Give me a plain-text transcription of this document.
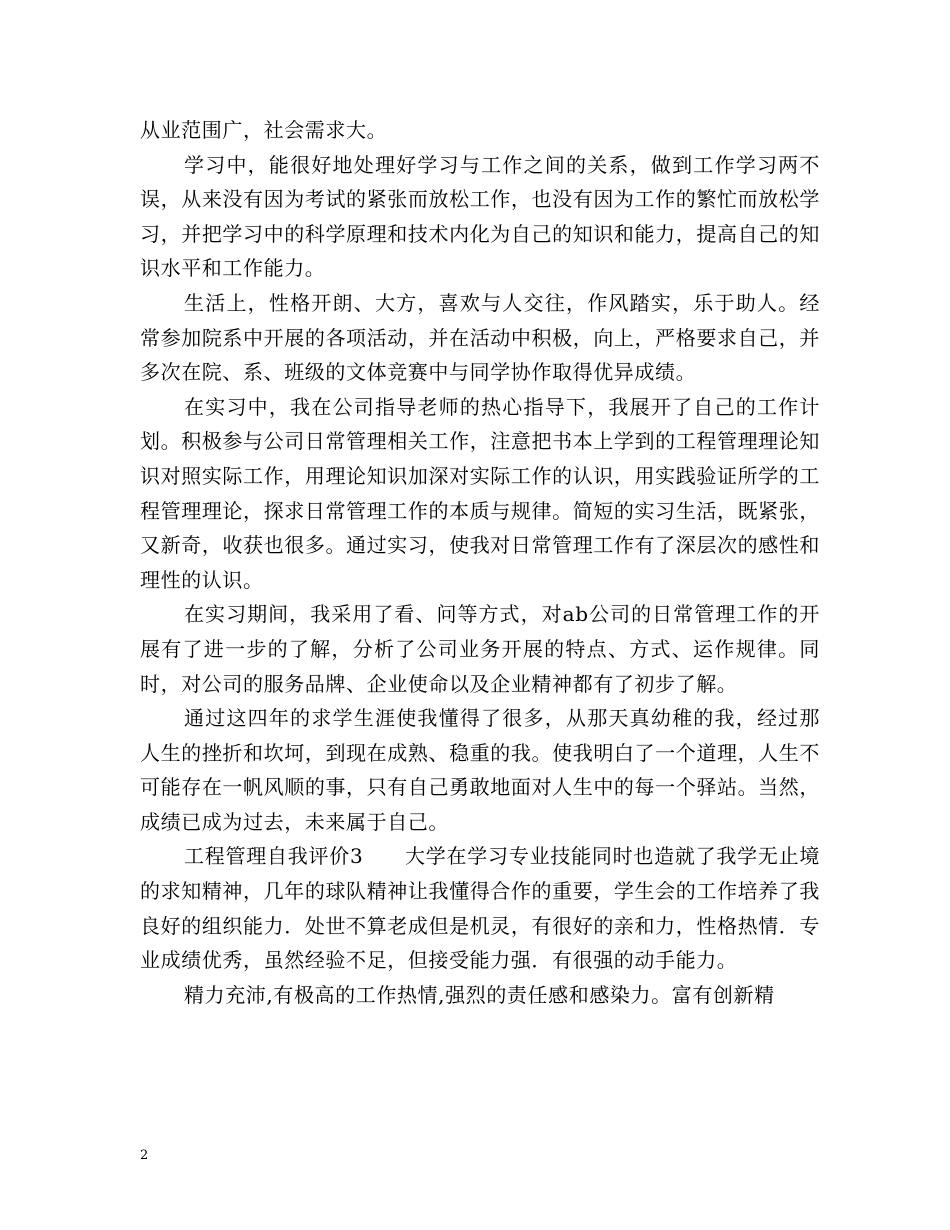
从业范围广，社会需求大。

学习中，能很好地处理好学习与工作之间的关系，做到工作学习两不误，从来没有因为考试的紧张而放松工作，也没有因为工作的繁忙而放松学习，并把学习中的科学原理和技术内化为自己的知识和能力，提高自己的知识水平和工作能力。

生活上，性格开朗、大方，喜欢与人交往，作风踏实，乐于助人。经常参加院系中开展的各项活动，并在活动中积极，向上，严格要求自己，并多次在院、系、班级的文体竞赛中与同学协作取得优异成绩。

在实习中，我在公司指导老师的热心指导下，我展开了自己的工作计划。积极参与公司日常管理相关工作，注意把书本上学到的工程管理理论知识对照实际工作，用理论知识加深对实际工作的认识，用实践验证所学的工程管理理论，探求日常管理工作的本质与规律。简短的实习生活，既紧张，又新奇，收获也很多。通过实习，使我对日常管理工作有了深层次的感性和理性的认识。

在实习期间，我采用了看、问等方式，对ab公司的日常管理工作的开展有了进一步的了解，分析了公司业务开展的特点、方式、运作规律。同时，对公司的服务品牌、企业使命以及企业精神都有了初步了解。

通过这四年的求学生涯使我懂得了很多，从那天真幼稚的我，经过那人生的挫折和坎坷，到现在成熟、稳重的我。使我明白了一个道理，人生不可能存在一帆风顺的事，只有自己勇敢地面对人生中的每一个驿站。当然，成绩已成为过去，未来属于自己。

工程管理自我评价3　　大学在学习专业技能同时也造就了我学无止境的求知精神，几年的球队精神让我懂得合作的重要，学生会的工作培养了我良好的组织能力．处世不算老成但是机灵，有很好的亲和力，性格热情．专业成绩优秀，虽然经验不足，但接受能力强．有很强的动手能力。

精力充沛,有极高的工作热情,强烈的责任感和感染力。富有创新精

2
